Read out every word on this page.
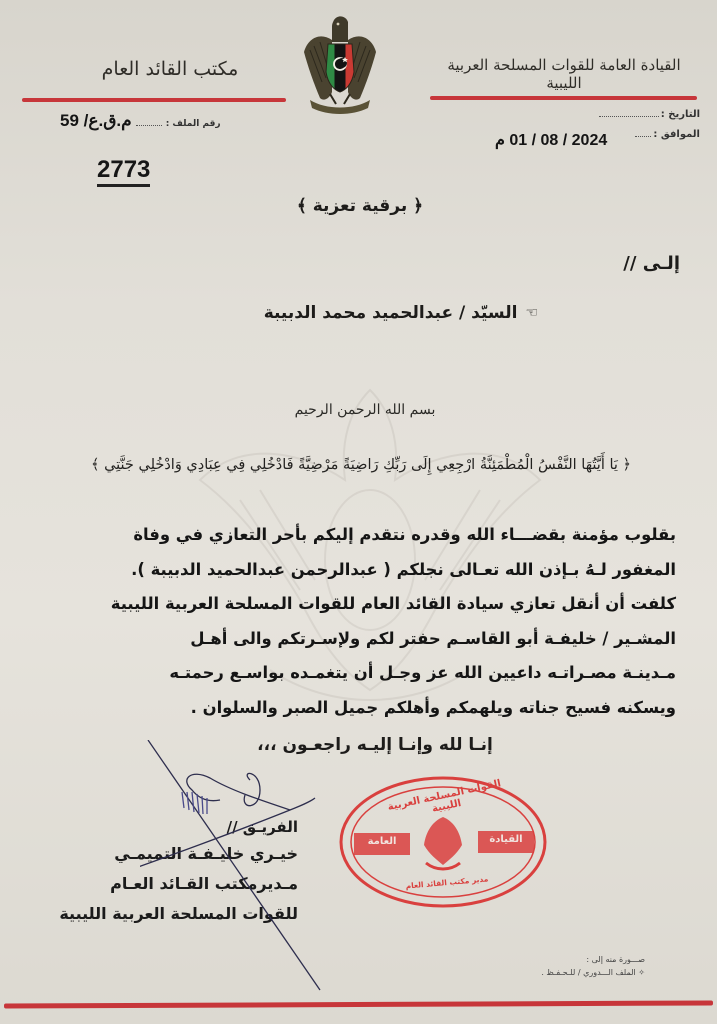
مكتب القائد العام	القيادة العامة للقوات المسلحة العربية الليبية
رقم الملف :
م.ق.ع/ 59
2773
التاريخ :
الموافق :
2024 / 08 / 01 م
﴿ برقية تعزية ﴾
إلـى //
☜
السيّد / عبدالحميد محمد الدبيبة
بسم الله الرحمن الرحيم
﴿ يَا أَيَّتُهَا النَّفْسُ الْمُطْمَئِنَّةُ ارْجِعِي إِلَى رَبِّكِ رَاضِيَةً مَرْضِيَّةً فَادْخُلِي فِي عِبَادِي وَادْخُلِي جَنَّتِي ﴾
بقلوب مؤمنة بقضـــاء الله وقدره نتقدم إليكم بأحر التعازي في وفاة
المغفور لـهُ بـإذن الله تعـالى نجلكم ( عبدالرحمن عبدالحميد الدبيبة ).
كلفت أن أنقل تعازي سيادة القائد العام للقوات المسلحة العربية الليبية
المشـير / خليفـة أبو القاسـم حفتر لكم ولإسـرتكم والى أهـل
مـدينـة مصـراتـه داعيين الله عز وجـل أن يتغمـده بواسـع رحمتـه
ويسكنه فسيح جناته ويلهمكم وأهلكم جميل الصبر والسلوان .
إنـا لله وإنـا إليـه راجعـون ،،،
الفريـق //
خيـري خليـفـة التميمـي
مـديرمكتب القـائد العـام
للقوات المسلحة العربية الليبية
القوات المسلحة العربية الليبية
العامة	القيادة
مدير مكتب القائد العام
صـــورة منه إلى :
✧ الملف الـــدوري / للـحـفـظ .
